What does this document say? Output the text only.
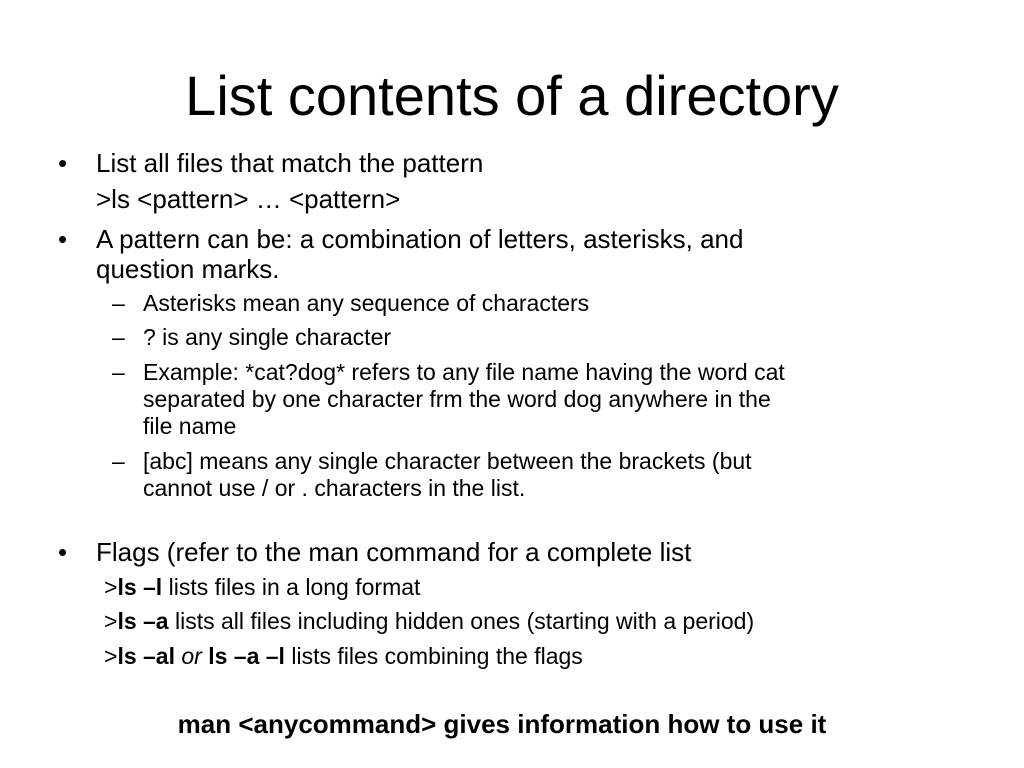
List contents of a directory
• List all files that match the pattern
>ls <pattern> … <pattern>
• A pattern can be: a combination of letters, asterisks, and
question marks.
– Asterisks mean any sequence of characters
– ? is any single character
– Example: *cat?dog* refers to any file name having the word cat
separated by one character frm the word dog anywhere in the
file name
– [abc] means any single character between the brackets (but
cannot use / or . characters in the list.
• Flags (refer to the man command for a complete list
>ls –l lists files in a long format
>ls –a lists all files including hidden ones (starting with a period)
>ls –al or ls –a –l lists files combining the flags
man <anycommand> gives information how to use it
